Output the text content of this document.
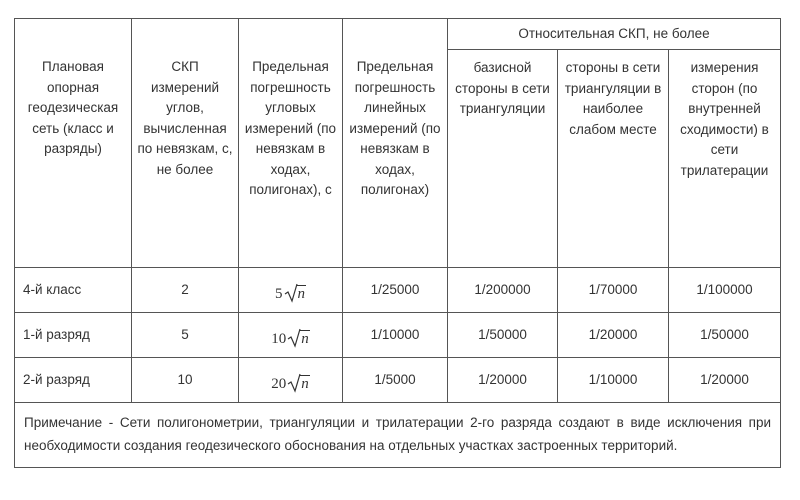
Плановая опорная геодезическая сеть (класс и разряды)	СКП измерений углов, вычисленная по невязкам, с, не более	Предельная погрешность угловых измерений (по невязкам в ходах, полигонах), с	Предельная погрешность линейных измерений (по невязкам в ходах, полигонах)	Относительная СКП, не более		
				базисной стороны в сети триангуляции	стороны в сети триангуляции в наиболее слабом месте	измерения сторон (по внутренней сходимости) в сети трилатерации
4-й класс	2	5 n	1/25000	1/200000	1/70000	1/100000
1-й разряд	5	10 n	1/10000	1/50000	1/20000	1/50000
2-й разряд	10	20 n	1/5000	1/20000	1/10000	1/20000
Примечание - Сети полигонометрии, триангуляции и трилатерации 2-го разряда создают в виде исключения при необходимости создания геодезического обоснования на отдельных участках застроенных территорий.						
